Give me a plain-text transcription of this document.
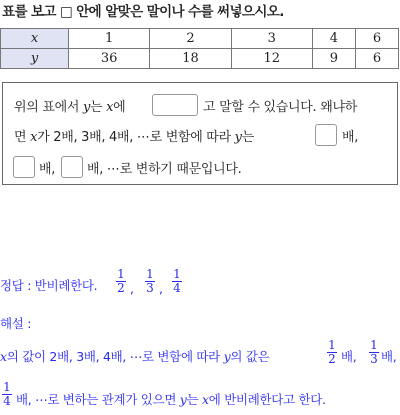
표를 보고 □ 안에 알맞은 말이나 수를 써넣으시오.
x	1	2	3	4	6
y	36	18	12	9	6
위의 표에서 y는 x에	고 말할 수 있습니다. 왜냐하
면 x가 2배, 3배, 4배, ⋯로 변함에 따라 y는	배,
배, 배, ⋯로 변하기 때문입니다.
정답 : 반비례한다. $\frac{1}{2}$ , $\frac{1}{3}$ , $\frac{1}{4}$
해설 :
x의 값이 2배, 3배, 4배, ⋯로 변함에 따라 y의 값은	$\frac{1}{2}$ 배, $\frac{1}{3}$ 배,
$\frac{1}{4}$ 배, ⋯로 변하는 관계가 있으면 y는 x에 반비례한다고 한다.
